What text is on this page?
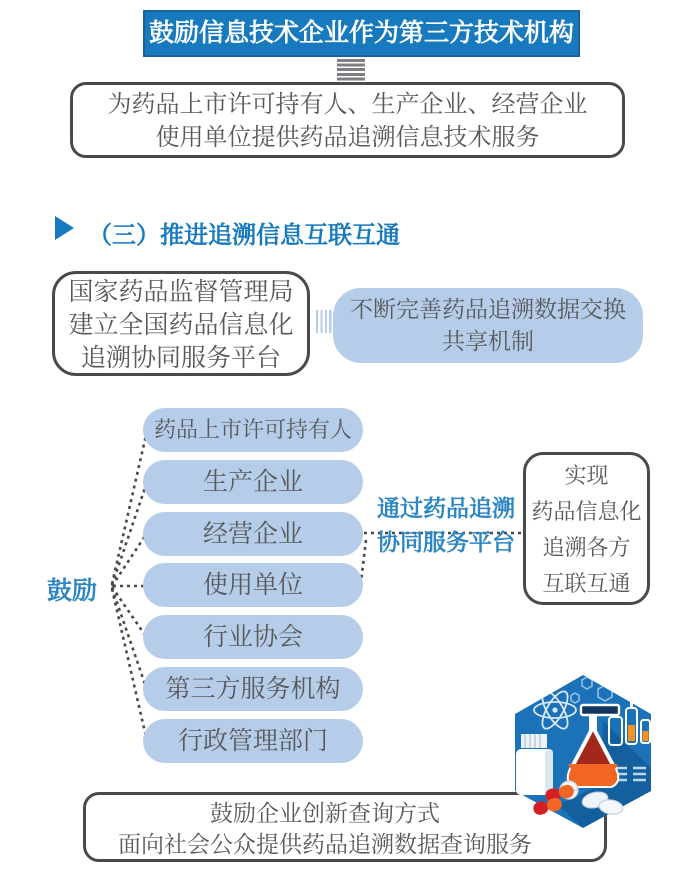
鼓励信息技术企业作为第三方技术机构
为药品上市许可持有人、生产企业、经营企业
使用单位提供药品追溯信息技术服务
（三）推进追溯信息互联互通
国家药品监督管理局
建立全国药品信息化
追溯协同服务平台
不断完善药品追溯数据交换
共享机制
鼓励
药品上市许可持有人
生产企业
经营企业
使用单位
行业协会
第三方服务机构
行政管理部门
通过药品追溯
协同服务平台
实现
药品信息化
追溯各方
互联互通
鼓励企业创新查询方式
面向社会公众提供药品追溯数据查询服务
